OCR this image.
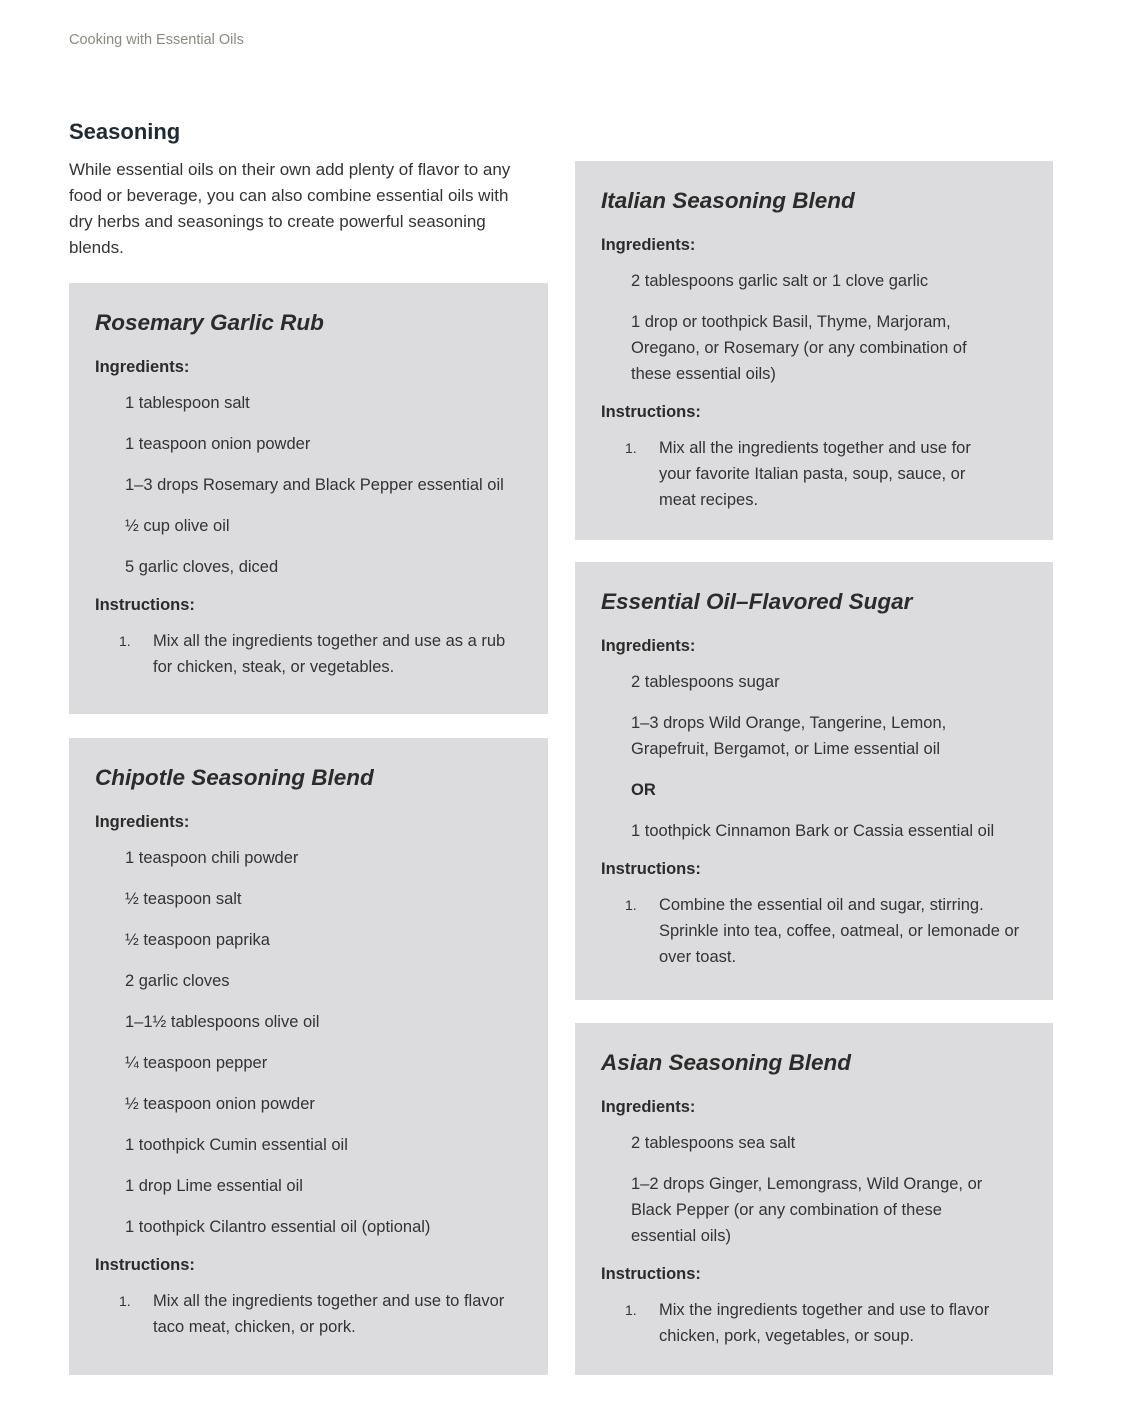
Cooking with Essential Oils
Seasoning

While essential oils on their own add plenty of flavor to any food or beverage, you can also combine essential oils with dry herbs and seasonings to create powerful seasoning blends.

Rosemary Garlic Rub
Ingredients:
1 tablespoon salt
1 teaspoon onion powder
1–3 drops Rosemary and Black Pepper essential oil
½ cup olive oil
5 garlic cloves, diced
Instructions:
1.	Mix all the ingredients together and use as a rub for chicken, steak, or vegetables.
Chipotle Seasoning Blend
Ingredients:
1 teaspoon chili powder
½ teaspoon salt
½ teaspoon paprika
2 garlic cloves
1–1½ tablespoons olive oil
¼ teaspoon pepper
½ teaspoon onion powder
1 toothpick Cumin essential oil
1 drop Lime essential oil
1 toothpick Cilantro essential oil (optional)
Instructions:
1.	Mix all the ingredients together and use to flavor taco meat, chicken, or pork.
Italian Seasoning Blend
Ingredients:
2 tablespoons garlic salt or 1 clove garlic
1 drop or toothpick Basil, Thyme, Marjoram, Oregano, or Rosemary (or any combination of these essential oils)
Instructions:
1.	Mix all the ingredients together and use for your favorite Italian pasta, soup, sauce, or meat recipes.
Essential Oil–Flavored Sugar
Ingredients:
2 tablespoons sugar
1–3 drops Wild Orange, Tangerine, Lemon, Grapefruit, Bergamot, or Lime essential oil
OR
1 toothpick Cinnamon Bark or Cassia essential oil
Instructions:
1.	Combine the essential oil and sugar, stirring. Sprinkle into tea, coffee, oatmeal, or lemonade or over toast.
Asian Seasoning Blend
Ingredients:
2 tablespoons sea salt
1–2 drops Ginger, Lemongrass, Wild Orange, or Black Pepper (or any combination of these essential oils)
Instructions:
1.	Mix the ingredients together and use to flavor chicken, pork, vegetables, or soup.
